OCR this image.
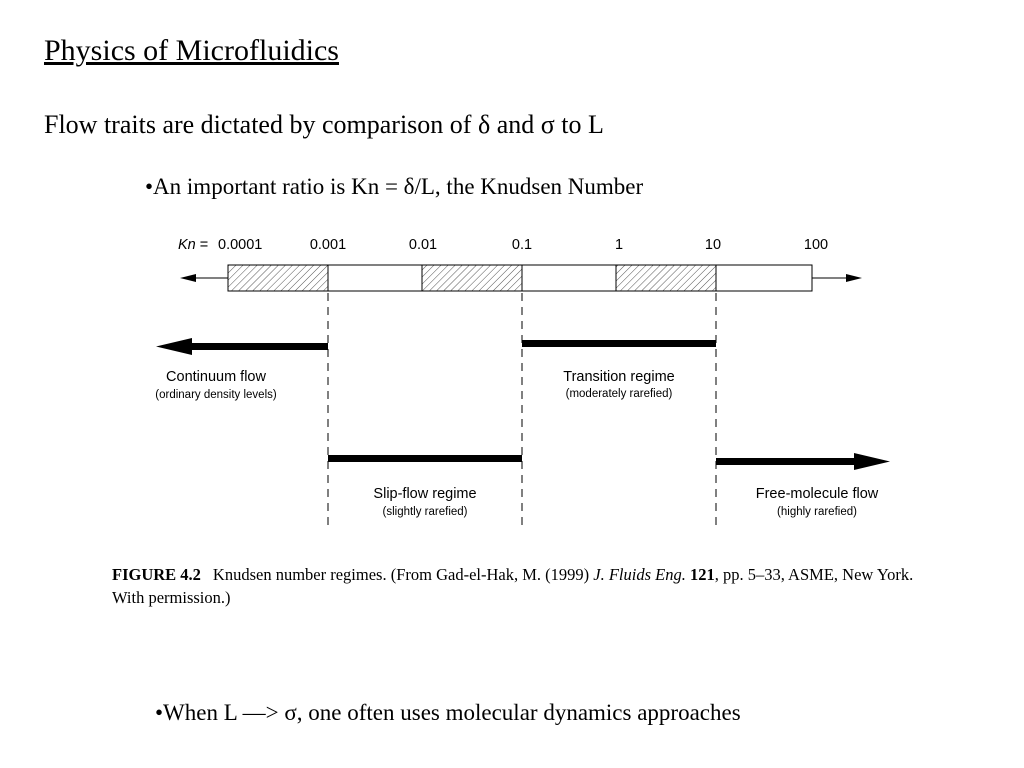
Physics of Microfluidics
Flow traits are dictated by comparison of δ and σ to L
•An important ratio is Kn = δ/L, the Knudsen Number
Kn = 0.0001	0.001	0.01	0.1	1	10	100
Continuum flow
(ordinary density levels)
Transition regime
(moderately rarefied)
Slip-flow regime
(slightly rarefied)
Free-molecule flow
(highly rarefied)
FIGURE 4.2 Knudsen number regimes. (From Gad-el-Hak, M. (1999) J. Fluids Eng. 121, pp. 5–33, ASME, New York. With permission.)
•When L —> σ, one often uses molecular dynamics approaches
